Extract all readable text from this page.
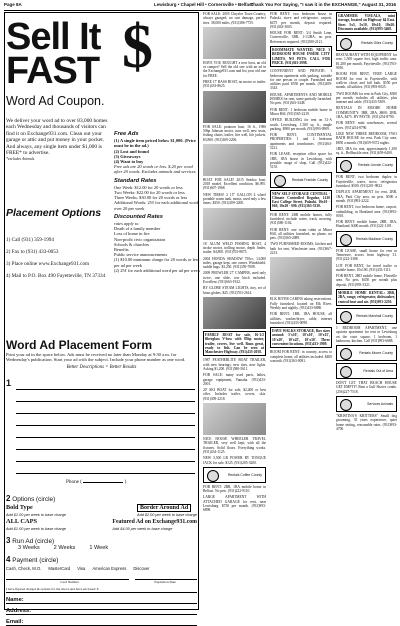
Page 8A	Lewisburg • Chapel Hill • Cornersville • Belfast
Thank You For Saying, "I saw it in the EXCHANGE," August 31, 2016
Sell It FAST $
Word Ad Coupon.
We deliver your word ad to over 83,000 homes each Wednesday and thousands of visitors can find it on Exchange931.com. Clean out your garage or attic and put money in your pocket. And always, any single item under $1,000 is FREE* to advertise.
*excludes Animals
Placement Options
1) Call (931) 359-1994
2) Fax to (931) 433-0053
3) Place online www.Exchange931.com
4) Mail to P.O. Box 490 Fayetteville, TN 37334
Free Ads
(1) A single item priced below $1,000. (Price must be in the ad.)
(2) Lost and found
(3) Giveaways
(4) Want to buy
Free ads are 20 words or less. $.20 per word after 20 words. Excludes animals and services.
Standard Rates
One Week: $12.00 for 20 words or less
Two Weeks: $22.00 for 20 words or less
Three Weeks: $30.00 for 20 words or less
Additional Words: 25¢ for each additional word over 20 per week
Discounted Rates
rates apply to:
Death of a family member
Loss of home in fire
Non-profit civic organization
Schools & churches
Benefits
Public service announcements
(1) $10.00 minimum charge for 20 words or less per ad per week
(2) 25¢ for each additional word per ad per week
Word Ad Placement Form
Print your ad in the space below. Ads must be received no later than Monday at 9:30 a.m. for Wednesday's publication. Start your ad with the subject. Include your phone number as one word.
Better Descriptions = Better Results
1
Phone (	)
2 Options (circle)
Bold Type
Add $1.00 per week to base charge
Border Around Ad
Add $2.00 per week to base charge
ALL CAPS
Add $1.00 per week to base charge
Featured Ad on Exchange931.com
Add $4.00 per week to base charge
3 Run Ad (circle)
3 Weeks	2 Weeks	1 Week
4 Payment (circle)
Cash, Check, M.O. MasterCard Visa American Express Discover
Card Number	Expiration Date
I have figured charges & options for the above and have enclosed: $
Name:
Address:
Email:
FOR SALE: 2005 Chrysler Town Country, always garaged, no rust damage, perfect tires. 38,000 miles. (931)386-7755.
HAVE YOU BOUGHT a new boat, an old or camper? Sell the old one with an ad in the Exchange931.com and list your old one for FREE.
FREE 17' BASS BOAT, no motor or trailer. (931)433-8625.
FOR SALE: pontoon boat, 16 ft., 1986 50hp Johnson motor, runs well, new seats, fishing chairs, trailer, live well, life jackets. $3,800. (931)309-2206.
BOAT FOR SALE! 2015 Seadoo boat, 2018 model. Excellent condition. $6,995. (931)607-1968.
NEW TIRES! 2 15" GALLON 4 wheel portable warm tank, motor, used only a few times. $350. (931)309-3200.
16' ALUM WELD FISHING BOAT, 4 stroke motor, trolling motor, depth finder, trailer. $4,800. (931)703-8875.
2004 HONDA SHADOW 750cc, 14,000 miles, garage kept, one owner. Windshield, saddle bags. $3,250. (931)359-7008.
2009 PROWLER 27' CAMPER, used only twice, one slide, tow hitch included. Excellent. (931)663-1922.
BY GLOBE STEAM LIGHTS, tiny, set of brass globes. $25. (931)703-2614.
FAMILY BOAT for sale, 16-1/2 fiberglass V-bow with 85hp motor, trailer, covers, live well. Runs great, ready to fish. Can be seen at Manchester Highway. (931)433-2058.
1987 FEATHERLITE BOAT TRAILER, with new bearings, new tires, new lights. Asking $1,200. (931)580-5611.
FOR SALE: many used parts, lathes, garage equipment, Yamaha. (931)433-2001.
20' SKI BOAT for sale, $2,400 or best offer. Includes trailer, covers, skis. (931)309-2218.
NICE HOUSE WHEELER TRAVEL TRAILER, very well kept, with all the fixtures. Solid floors. Everything works. (931)434-1125.
NEW 3,500 LB POWER RV TONGUE JACK for sale. $125. (931)205-3200.
Rentals Coffee County
FOR RENT: 2BR, 1BA mobile home in Belfast. No pets. (931)222-9110.
LARGE APARTMENT WITH ATTACHED GARAGE for rent, near Lewisburg. $750 per month. (931)993-6898.
FOR RENT: two bedroom house in Pulaski, stove and refrigerator, carport. $475 per month, deposit required. (931)363-3003.
HOUSE FOR RENT: 3/4 Smith Lane, Cornersville, 3BR, 1-1/2BA, no pets. References required. (931)580-2121.
ROOMMATE WANTED, NICE 3 BEDROOM HOUSE INSIDE CITY LIMITS, NO PETS. CALL FOR PRICE. (931)363-2998.
CONVENIENT AND PRIVATE: 1 bedroom apartment with parking, suitable for one person or couple. Furnished and utilities paid. $550 per month. (931)309-3343.
HOUSE, APARTMENTS AND MOBILE HOMES for rent, some partially furnished. No pets. (931)363-3448.
FOR RENT: 1 bedroom mobile home in Minor Hill. (931)565-2219.
OFFICE BUILDING for rent on 31-A south, Lewisburg. 1,500 sq. ft., ample parking. $900 per month. (931)993-0909.
FOR RENT, CONTINENTAL PROPERTIES: 1 and 2 bedroom apartments and townhouses. (931)363-5221.
FOR LEASE, reception office space for 1BR, 1BA house in Lewisburg, with possible usage of shop. Call (931)422-5155.
Rentals Franklin County
NEW SELF STORAGE CENTRAL - Climate Controlled Regular, 1410 East College Street, Pulaski. 10x10 - $60, 10x20 - $90. (931)363-3330.
FOR RENT: 2BR mobile homes, fully furnished, include water, trash, mowing. (931)580-1102.
FOR RENT: one room cabin at Minor Hill, all utilities furnished, no phone, no pets. (931)565-2089.
TWO FURNISHED ROOMS, kitchen and bath for rent, Winchester area. (931)967-2213.
ELK RIVER CABINS taking reservations. Fully furnished, located on Elk River. Weekly and nightly. (931)433-6880.
FOR RENT: 1BR, 1BA HOUSE, all utilities, washer/dryer, cable, internet furnished. (931)433-0098.
DAVE WALKS STORAGE, Box sizes around: 5'x10', 10'x10', 10'x15', 10'x20', 10'x25', 10'x30'. Three convenient locations. (931)433-1909.
ROOM FOR RENT: in country, access to complete home, all utilities included. $400 a month. (931)363-0081.
GRAMMER VISUALS, mini storage, located on Highway 64 East. Sizes 5x5, 5x10, 10x10, 10x20. Discounts available. (931)993-3468.
Rentals Giles County
RESTAURANT WITH EQUIPMENT for rent, 1,500 square feet, high traffic area. $1,200 per month, Fayetteville. (931)703-9010.
ROOM FOR RENT, VERY LARGE ROOM for rent in Fayetteville, with walk-in closet and full bath. $550 per month, all utilities. (931)993-0025.
TWO ROOMS for rent in Park City, $500 per month, includes all utilities, plus internet and cable. (931)433-5309.
RENTALS IN MOORE HOME COMMUNITY: 3BR, 2BA, $800; 2BR, 1BA, $475. BY PAYTE. (931)254-8790.
FOR RENT: mini warehouses, several sizes. (931)254-8790.
LIKE NEW THREE BEDROOM, TWO BATH HOUSE for rent, Park City area, $850 a month. (931)659-9372 nights.
1BD, 1BA for rent, approximately 1,100 sq. ft., Bellbuckle area. (931)659-6400.
Rentals Lincoln County
FOR RENT: two bedroom duplex in Fayetteville, water, stove, refrigerator furnished. $500. (931)201-9823.
DUPLEX APARTMENT for rent, 2BR, 1BA, Park City area, no pets. $500 a month. (931)993-2222.
FOR RENT, two bedroom home, carport, outbuilding, in Huntland area. (931)993-0010.
FOR RENT: mobile home, 2BR, 1BA, Huntland. $400 month. (931)322-1101.
Rentals Madison County
FOR LEASE, small house for rent in Tennessee, across from highway 31. (931)222-3388.
LOT FOR RENT, for travel trailer or mobile home, 10x100. (931)433-1111.
FOR RENT, 2BD mobile home, Flintville area. No pets. $450 per month plus deposit. (931)993-3321.
MOBILE HOME RENTAL: 2BR, 2BA, range, refrigerator, dishwasher, central heat and air. (931)993-2250.
Rentals Marshall County
1 BEDROOM APARTMENT, one upstairs apartment for rent in Lewisburg on the court square, 1 bedroom, 1 bathroom, kitchen. Call (931)993-6688.
Rentals Moore County
Rentals Out of Area
DON'T LET THAT BEACH HOUSE GET EMPTY! Rent a Gulf Shores condo. (256)227-7518.
Services Animals
"KRISTINA'S KRITTERS" Small dog grooming, 35 years experience, quiet home setting, reasonable rates. (931)993-4700.
